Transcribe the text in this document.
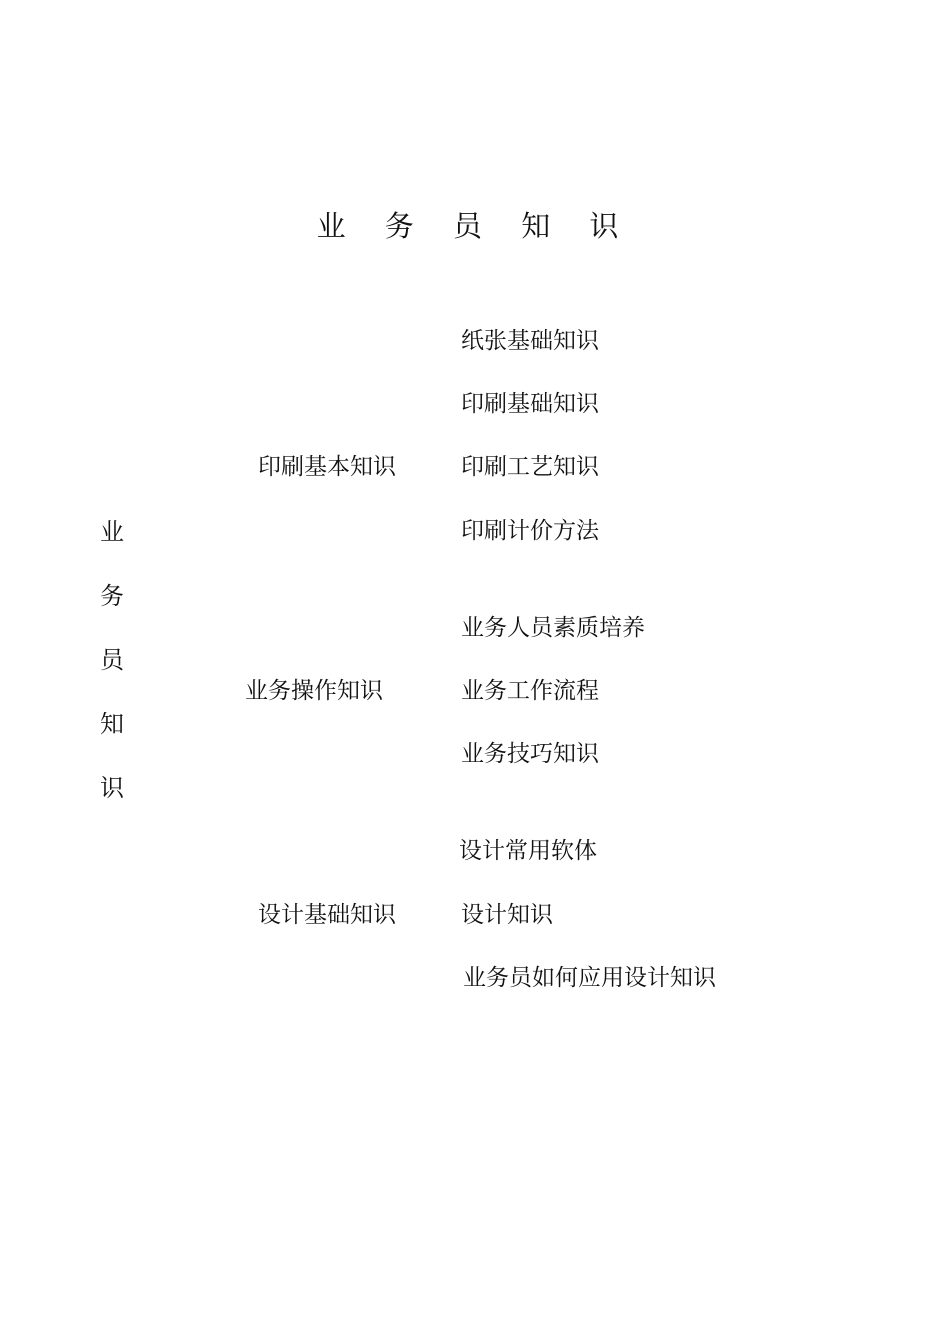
业 务 员 知 识
业
务
员
知
识
印刷基本知识
纸张基础知识
印刷基础知识
印刷工艺知识
印刷计价方法
业务操作知识
业务人员素质培养
业务工作流程
业务技巧知识
设计基础知识
设计常用软体
设计知识
业务员如何应用设计知识
